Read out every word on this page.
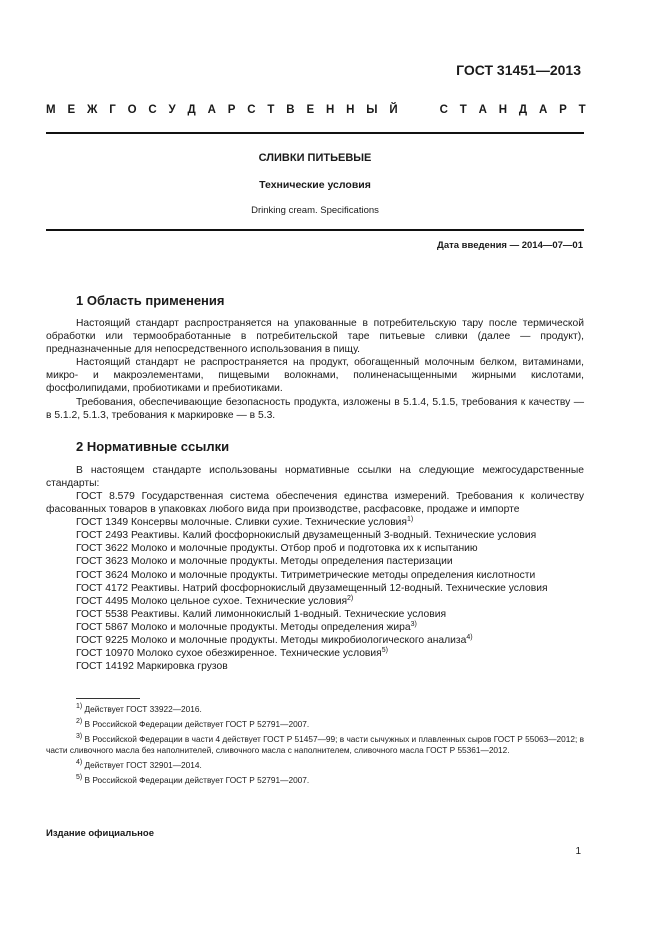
ГОСТ 31451—2013
М Е Ж Г О С У Д А Р С Т В Е Н Н Ы Й

	С Т А Н Д А Р Т
СЛИВКИ ПИТЬЕВЫЕ
Технические условия
Drinking cream. Specifications
Дата введения — 2014—07—01
1 Область применения

Настоящий стандарт распространяется на упакованные в потребительскую тару после термической обработки или термообработанные в потребительской таре питьевые сливки (далее — продукт), предназначенные для непосредственного использования в пищу.

Настоящий стандарт не распространяется на продукт, обогащенный молочным белком, витаминами, микро- и макроэлементами, пищевыми волокнами, полиненасыщенными жирными кислотами, фосфолипидами, пробиотиками и пребиотиками.

Требования, обеспечивающие безопасность продукта, изложены в 5.1.4, 5.1.5, требования к качеству — в 5.1.2, 5.1.3, требования к маркировке — в 5.3.

2 Нормативные ссылки

В настоящем стандарте использованы нормативные ссылки на следующие межгосударственные стандарты:

ГОСТ 8.579 Государственная система обеспечения единства измерений. Требования к количеству фасованных товаров в упаковках любого вида при производстве, расфасовке, продаже и импорте
ГОСТ 1349 Консервы молочные. Сливки сухие. Технические условия$^{1)}$
ГОСТ 2493 Реактивы. Калий фосфорнокислый двузамещенный 3-водный. Технические условия
ГОСТ 3622 Молоко и молочные продукты. Отбор проб и подготовка их к испытанию
ГОСТ 3623 Молоко и молочные продукты. Методы определения пастеризации
ГОСТ 3624 Молоко и молочные продукты. Титриметрические методы определения кислотности
ГОСТ 4172 Реактивы. Натрий фосфорнокислый двузамещенный 12-водный. Технические условия
ГОСТ 4495 Молоко цельное сухое. Технические условия$^{2)}$
ГОСТ 5538 Реактивы. Калий лимоннокислый 1-водный. Технические условия
ГОСТ 5867 Молоко и молочные продукты. Методы определения жира$^{3)}$
ГОСТ 9225 Молоко и молочные продукты. Методы микробиологического анализа$^{4)}$
ГОСТ 10970 Молоко сухое обезжиренное. Технические условия$^{5)}$
ГОСТ 14192 Маркировка грузов
$^{1)}$ Действует ГОСТ 33922—2016.
$^{2)}$ В Российской Федерации действует ГОСТ Р 52791—2007.
$^{3)}$ В Российской Федерации в части 4 действует ГОСТ Р 51457—99; в части сычужных и плавленных сыров ГОСТ Р 55063—2012; в части сливочного масла без наполнителей, сливочного масла с наполнителем, сливочного масла ГОСТ Р 55361—2012.
$^{4)}$ Действует ГОСТ 32901—2014.
$^{5)}$ В Российской Федерации действует ГОСТ Р 52791—2007.
Издание официальное
1
